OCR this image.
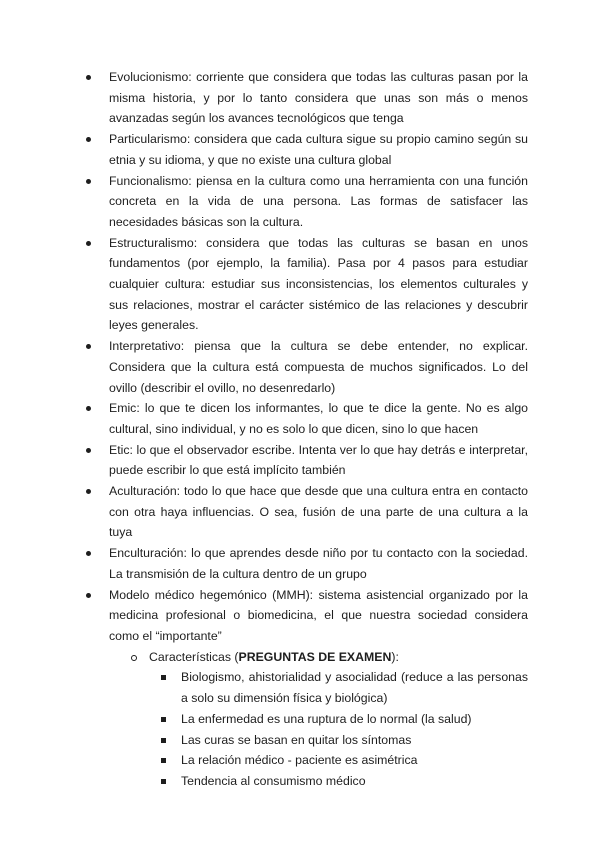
Evolucionismo: corriente que considera que todas las culturas pasan por la misma historia, y por lo tanto considera que unas son más o menos avanzadas según los avances tecnológicos que tenga
Particularismo: considera que cada cultura sigue su propio camino según su etnia y su idioma, y que no existe una cultura global
Funcionalismo: piensa en la cultura como una herramienta con una función concreta en la vida de una persona. Las formas de satisfacer las necesidades básicas son la cultura.
Estructuralismo: considera que todas las culturas se basan en unos fundamentos (por ejemplo, la familia). Pasa por 4 pasos para estudiar cualquier cultura: estudiar sus inconsistencias, los elementos culturales y sus relaciones, mostrar el carácter sistémico de las relaciones y descubrir leyes generales.
Interpretativo: piensa que la cultura se debe entender, no explicar. Considera que la cultura está compuesta de muchos significados. Lo del ovillo (describir el ovillo, no desenredarlo)
Emic: lo que te dicen los informantes, lo que te dice la gente. No es algo cultural, sino individual, y no es solo lo que dicen, sino lo que hacen
Etic: lo que el observador escribe. Intenta ver lo que hay detrás e interpretar, puede escribir lo que está implícito también
Aculturación: todo lo que hace que desde que una cultura entra en contacto con otra haya influencias. O sea, fusión de una parte de una cultura a la tuya
Enculturación: lo que aprendes desde niño por tu contacto con la sociedad. La transmisión de la cultura dentro de un grupo
Modelo médico hegemónico (MMH): sistema asistencial organizado por la medicina profesional o biomedicina, el que nuestra sociedad considera como el “importante”
Características (PREGUNTAS DE EXAMEN):
Biologismo, ahistorialidad y asocialidad (reduce a las personas a solo su dimensión física y biológica)
La enfermedad es una ruptura de lo normal (la salud)
Las curas se basan en quitar los síntomas
La relación médico - paciente es asimétrica
Tendencia al consumismo médico
